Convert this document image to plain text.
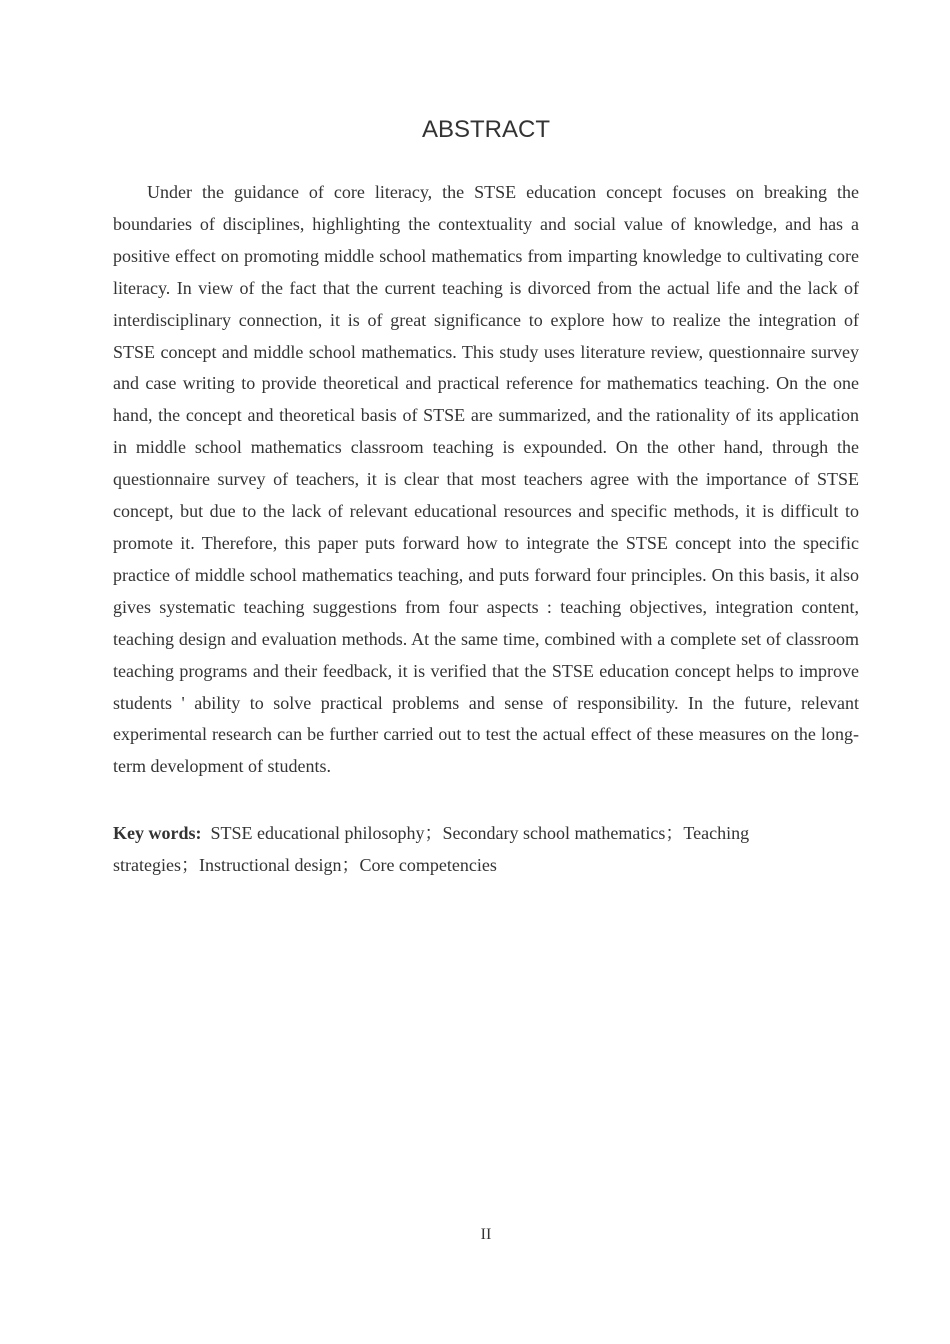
ABSTRACT

Under the guidance of core literacy, the STSE education concept focuses on breaking the boundaries of disciplines, highlighting the contextuality and social value of knowledge, and has a positive effect on promoting middle school mathematics from imparting knowledge to cultivating core literacy. In view of the fact that the current teaching is divorced from the actual life and the lack of interdisciplinary connection, it is of great significance to explore how to realize the integration of STSE concept and middle school mathematics. This study uses literature review, questionnaire survey and case writing to provide theoretical and practical reference for mathematics teaching. On the one hand, the concept and theoretical basis of STSE are summarized, and the rationality of its application in middle school mathematics classroom teaching is expounded. On the other hand, through the questionnaire survey of teachers, it is clear that most teachers agree with the importance of STSE concept, but due to the lack of relevant educational resources and specific methods, it is difficult to promote it. Therefore, this paper puts forward how to integrate the STSE concept into the specific practice of middle school mathematics teaching, and puts forward four principles. On this basis, it also gives systematic teaching suggestions from four aspects : teaching objectives, integration content, teaching design and evaluation methods. At the same time, combined with a complete set of classroom teaching programs and their feedback, it is verified that the STSE education concept helps to improve students ' ability to solve practical problems and sense of responsibility. In the future, relevant experimental research can be further carried out to test the actual effect of these measures on the long-term development of students.

Key words: STSE educational philosophy；Secondary school mathematics；Teaching strategies；Instructional design；Core competencies

II
